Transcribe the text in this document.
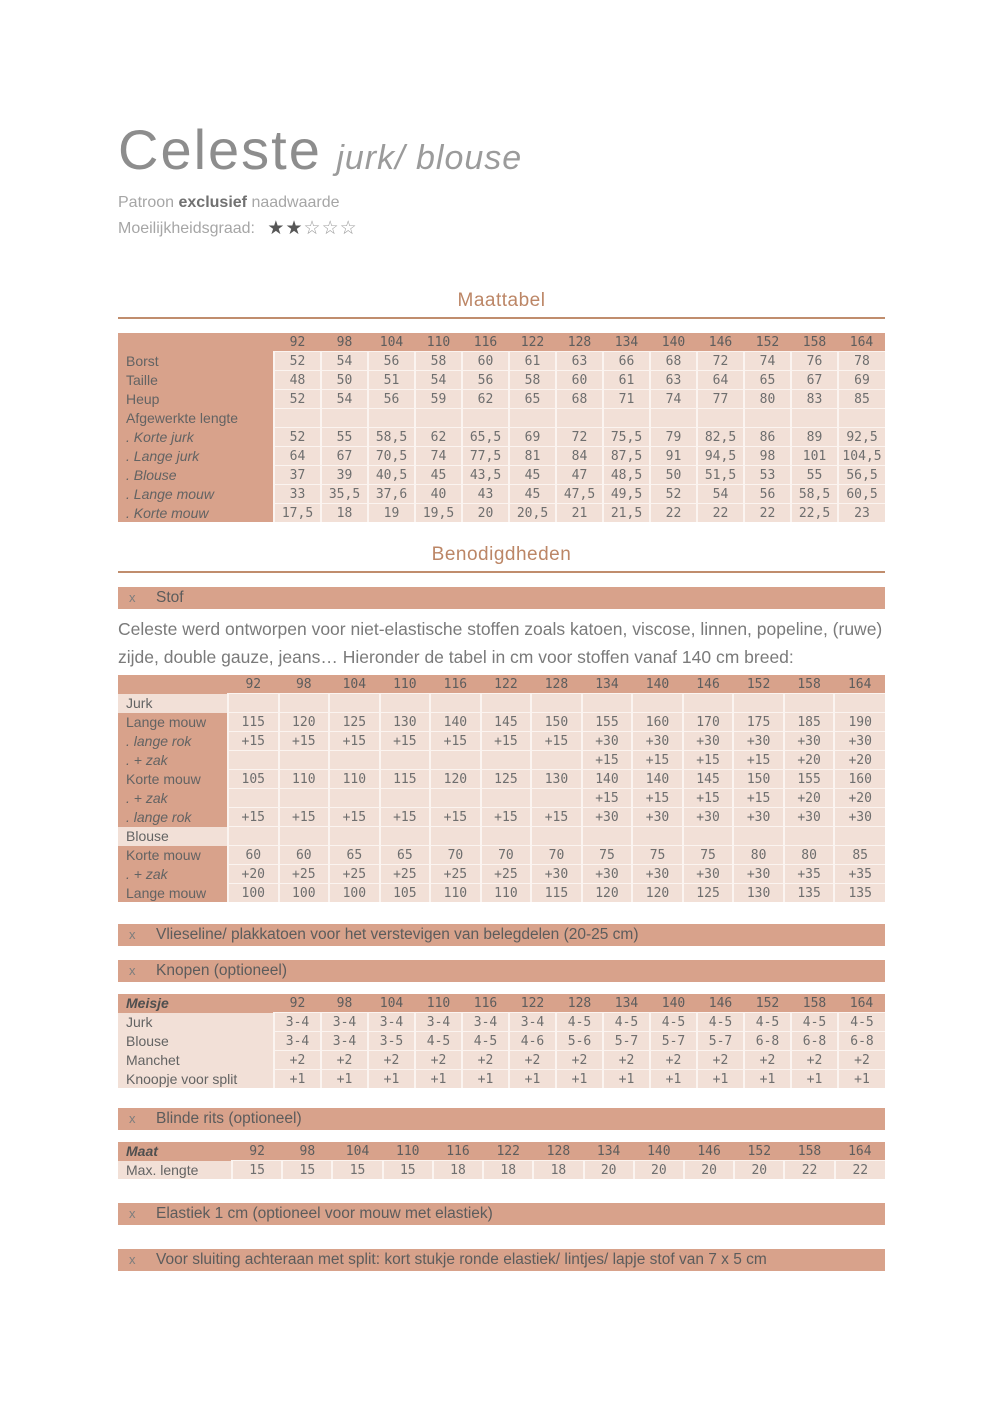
Celeste jurk/ blouse
Patroon exclusief naadwaarde
Moeilijkheidsgraad: ★★☆☆☆
Maattabel
	92	98	104	110	116	122	128	134	140	146	152	158	164
Borst	52	54	56	58	60	61	63	66	68	72	74	76	78
Taille	48	50	51	54	56	58	60	61	63	64	65	67	69
Heup	52	54	56	59	62	65	68	71	74	77	80	83	85
Afgewerkte lengte													
. Korte jurk	52	55	58,5	62	65,5	69	72	75,5	79	82,5	86	89	92,5
. Lange jurk	64	67	70,5	74	77,5	81	84	87,5	91	94,5	98	101	104,5
. Blouse	37	39	40,5	45	43,5	45	47	48,5	50	51,5	53	55	56,5
. Lange mouw	33	35,5	37,6	40	43	45	47,5	49,5	52	54	56	58,5	60,5
. Korte mouw	17,5	18	19	19,5	20	20,5	21	21,5	22	22	22	22,5	23
Benodigdheden
x Stof
Celeste werd ontworpen voor niet-elastische stoffen zoals katoen, viscose, linnen, popeline, (ruwe) zijde, double gauze, jeans… Hieronder de tabel in cm voor stoffen vanaf 140 cm breed:
	92	98	104	110	116	122	128	134	140	146	152	158	164
Jurk													
Lange mouw	115	120	125	130	140	145	150	155	160	170	175	185	190
. lange rok	+15	+15	+15	+15	+15	+15	+15	+30	+30	+30	+30	+30	+30
. + zak								+15	+15	+15	+15	+20	+20
Korte mouw	105	110	110	115	120	125	130	140	140	145	150	155	160
. + zak								+15	+15	+15	+15	+20	+20
. lange rok	+15	+15	+15	+15	+15	+15	+15	+30	+30	+30	+30	+30	+30
Blouse													
Korte mouw	60	60	65	65	70	70	70	75	75	75	80	80	85
. + zak	+20	+25	+25	+25	+25	+25	+30	+30	+30	+30	+30	+35	+35
Lange mouw	100	100	100	105	110	110	115	120	120	125	130	135	135
x Vlieseline/ plakkatoen voor het verstevigen van belegdelen (20-25 cm)
x Knopen (optioneel)
Meisje	92	98	104	110	116	122	128	134	140	146	152	158	164
Jurk	3-4	3-4	3-4	3-4	3-4	3-4	4-5	4-5	4-5	4-5	4-5	4-5	4-5
Blouse	3-4	3-4	3-5	4-5	4-5	4-6	5-6	5-7	5-7	5-7	6-8	6-8	6-8
Manchet	+2	+2	+2	+2	+2	+2	+2	+2	+2	+2	+2	+2	+2
Knoopje voor split	+1	+1	+1	+1	+1	+1	+1	+1	+1	+1	+1	+1	+1
x Blinde rits (optioneel)
Maat	92	98	104	110	116	122	128	134	140	146	152	158	164
Max. lengte	15	15	15	15	18	18	18	20	20	20	20	22	22
x Elastiek 1 cm (optioneel voor mouw met elastiek)
x Voor sluiting achteraan met split: kort stukje ronde elastiek/ lintjes/ lapje stof van 7 x 5 cm
